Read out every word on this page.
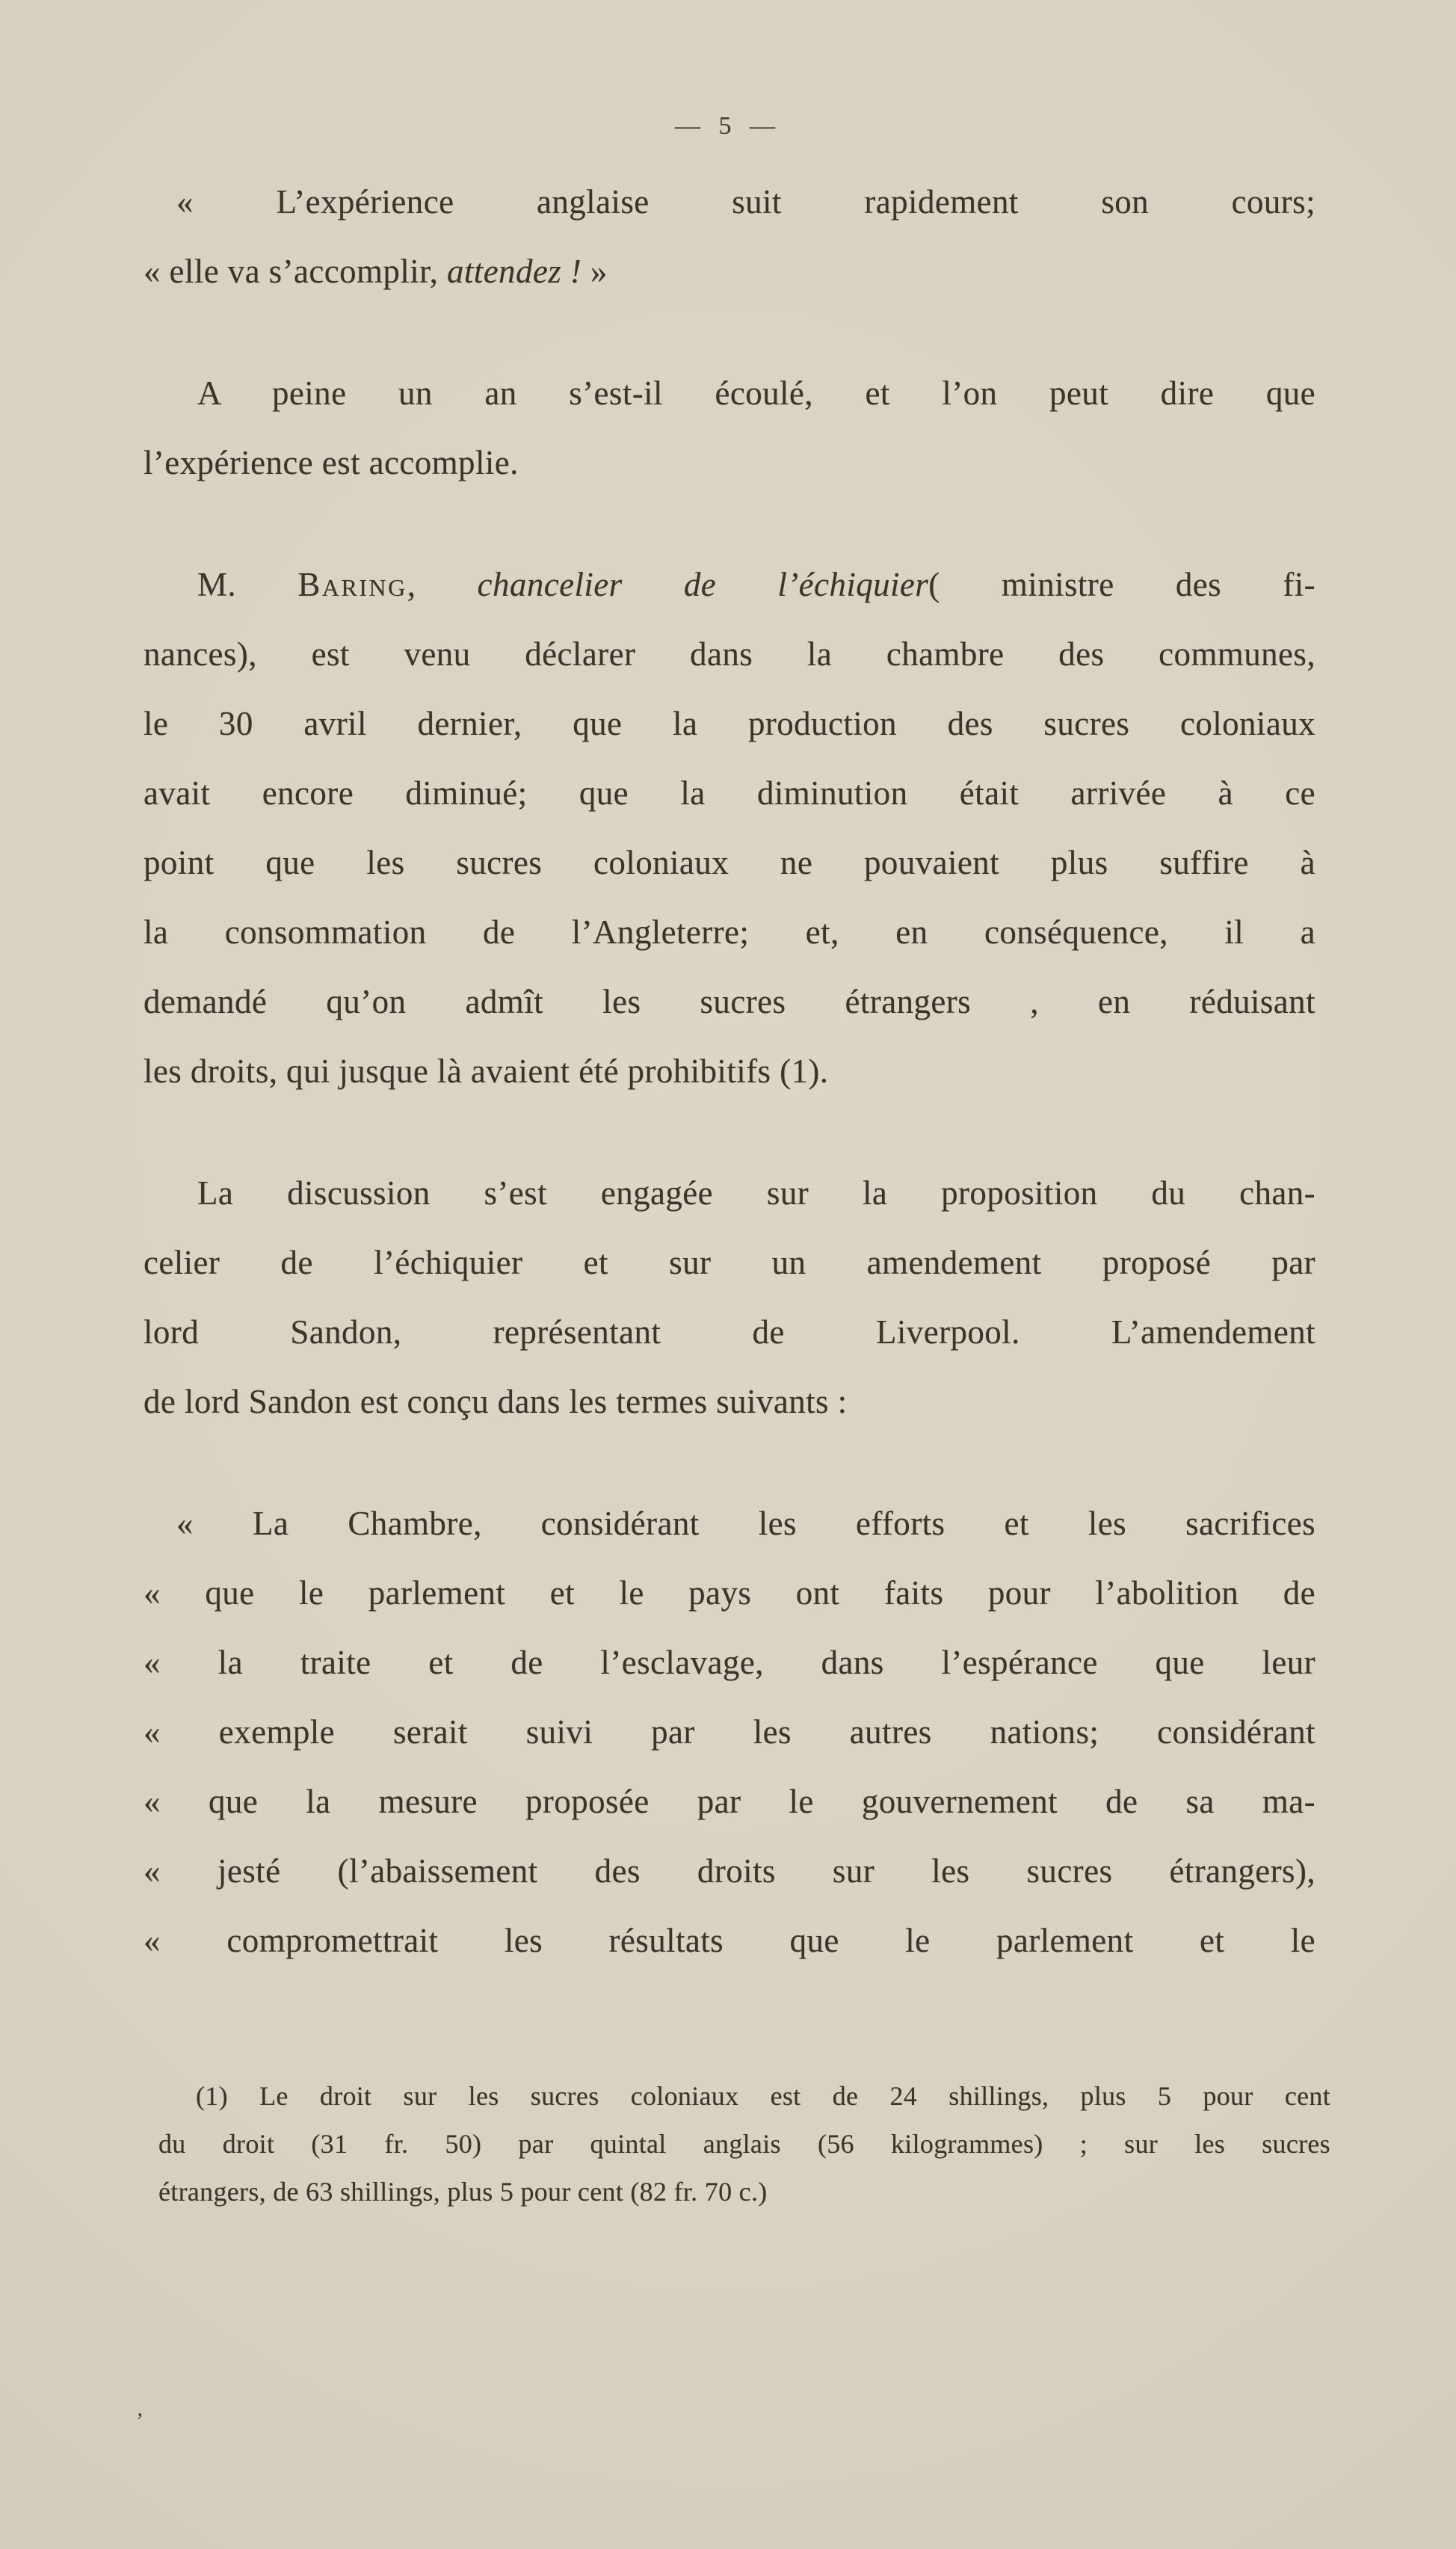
— 5 —

« L’expérience anglaise suit rapidement son cours;
« elle va s’accomplir, attendez ! »

A peine un an s’est-il écoulé, et l’on peut dire que
l’expérience est accomplie.

M. Baring, chancelier de l’échiquier( ministre des fi-
nances), est venu déclarer dans la chambre des communes,
le 30 avril dernier, que la production des sucres coloniaux
avait encore diminué; que la diminution était arrivée à ce
point que les sucres coloniaux ne pouvaient plus suffire à
la consommation de l’Angleterre; et, en conséquence, il a
demandé qu’on admît les sucres étrangers , en réduisant
les droits, qui jusque là avaient été prohibitifs (1).

La discussion s’est engagée sur la proposition du chan-
celier de l’échiquier et sur un amendement proposé par
lord Sandon, représentant de Liverpool. L’amendement
de lord Sandon est conçu dans les termes suivants :

« La Chambre, considérant les efforts et les sacrifices
« que le parlement et le pays ont faits pour l’abolition de
« la traite et de l’esclavage, dans l’espérance que leur
« exemple serait suivi par les autres nations; considérant
« que la mesure proposée par le gouvernement de sa ma-
« jesté (l’abaissement des droits sur les sucres étrangers),
« compromettrait les résultats que le parlement et le

(1) Le droit sur les sucres coloniaux est de 24 shillings, plus 5 pour cent
du droit (31 fr. 50) par quintal anglais (56 kilogrammes) ; sur les sucres
étrangers, de 63 shillings, plus 5 pour cent (82 fr. 70 c.)
’
